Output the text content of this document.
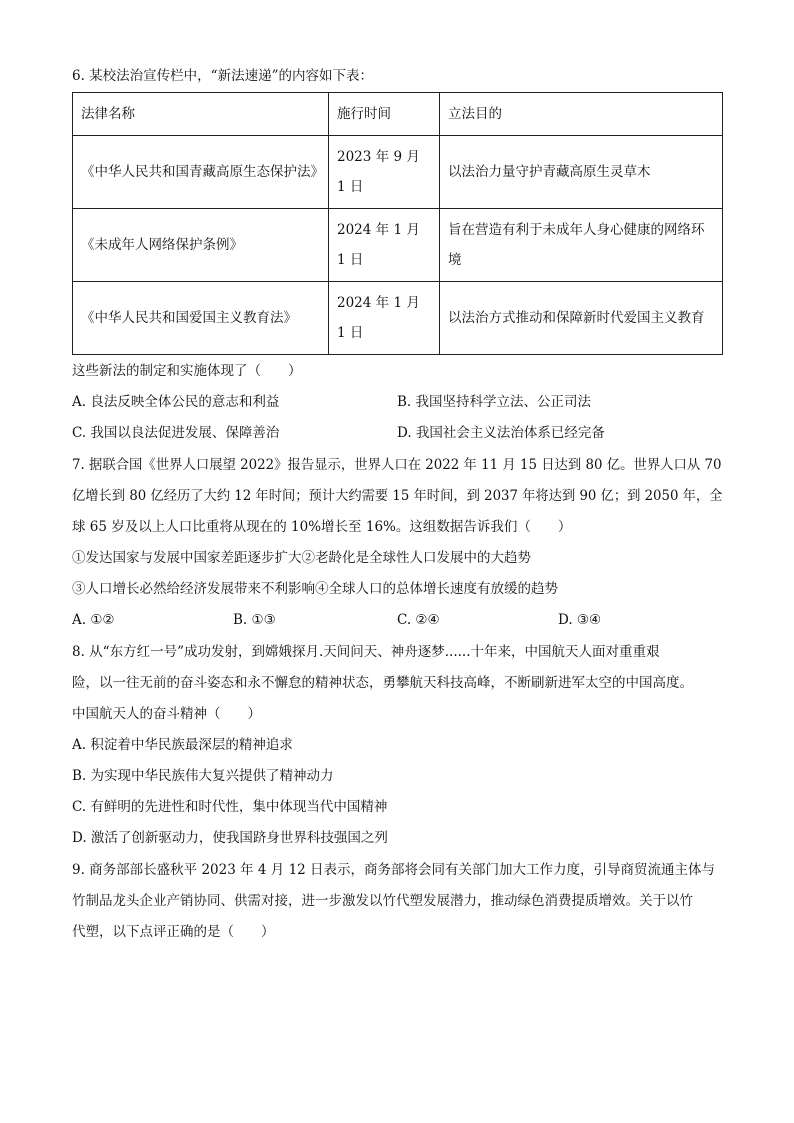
6. 某校法治宣传栏中，“新法速递”的内容如下表：
法律名称	施行时间	立法目的
《中华人民共和国青藏高原生态保护法》	2023 年 9 月 1 日	以法治力量守护青藏高原生灵草木
《未成年人网络保护条例》	2024 年 1 月 1 日	旨在营造有利于未成年人身心健康的网络环境
《中华人民共和国爱国主义教育法》	2024 年 1 月 1 日	以法治方式推动和保障新时代爱国主义教育
这些新法的制定和实施体现了（　　）
A. 良法反映全体公民的意志和利益	B. 我国坚持科学立法、公正司法
C. 我国以良法促进发展、保障善治	D. 我国社会主义法治体系已经完备
7. 据联合国《世界人口展望 2022》报告显示，世界人口在 2022 年 11 月 15 日达到 80 亿。世界人口从 70
亿增长到 80 亿经历了大约 12 年时间；预计大约需要 15 年时间，到 2037 年将达到 90 亿；到 2050 年，全
球 65 岁及以上人口比重将从现在的 10%增长至 16%。这组数据告诉我们（　　）
①发达国家与发展中国家差距逐步扩大②老龄化是全球性人口发展中的大趋势
③人口增长必然给经济发展带来不利影响④全球人口的总体增长速度有放缓的趋势
A. ①②	B. ①③	C. ②④	D. ③④
8. 从“东方红一号”成功发射，到嫦娥探月.天间问天、神舟逐梦......十年来，中国航天人面对重重艰
险，以一往无前的奋斗姿态和永不懈怠的精神状态，勇攀航天科技高峰，不断刷新进军太空的中国高度。
中国航天人的奋斗精神（　　）
A. 积淀着中华民族最深层的精神追求
B. 为实现中华民族伟大复兴提供了精神动力
C. 有鲜明的先进性和时代性，集中体现当代中国精神
D. 激活了创新驱动力，使我国跻身世界科技强国之列
9. 商务部部长盛秋平 2023 年 4 月 12 日表示，商务部将会同有关部门加大工作力度，引导商贸流通主体与
竹制品龙头企业产销协同、供需对接，进一步激发以竹代塑发展潜力，推动绿色消费提质增效。关于以竹
代塑，以下点评正确的是（　　）
